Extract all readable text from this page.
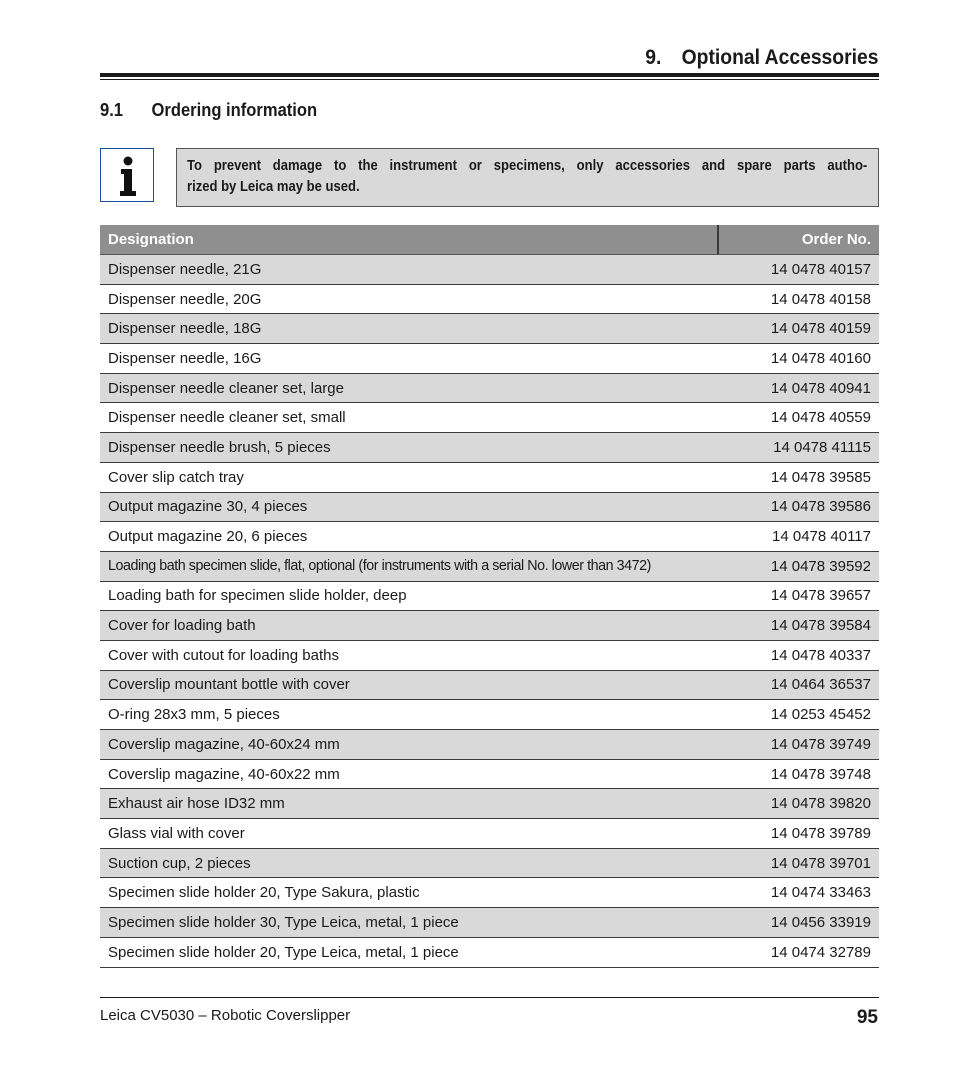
9. Optional Accessories
9.1 Ordering information
To prevent damage to the instrument or specimens, only accessories and spare parts autho-
rized by Leica may be used.
Designation	Order No.
Dispenser needle, 21G	14 0478 40157
Dispenser needle, 20G	14 0478 40158
Dispenser needle, 18G	14 0478 40159
Dispenser needle, 16G	14 0478 40160
Dispenser needle cleaner set, large	14 0478 40941
Dispenser needle cleaner set, small	14 0478 40559
Dispenser needle brush, 5 pieces	14 0478 41115
Cover slip catch tray	14 0478 39585
Output magazine 30, 4 pieces	14 0478 39586
Output magazine 20, 6 pieces	14 0478 40117
Loading bath specimen slide, flat, optional (for instruments with a serial No. lower than 3472)	14 0478 39592
Loading bath for specimen slide holder, deep	14 0478 39657
Cover for loading bath	14 0478 39584
Cover with cutout for loading baths	14 0478 40337
Coverslip mountant bottle with cover	14 0464 36537
O-ring 28x3 mm, 5 pieces	14 0253 45452
Coverslip magazine, 40-60x24 mm	14 0478 39749
Coverslip magazine, 40-60x22 mm	14 0478 39748
Exhaust air hose ID32 mm	14 0478 39820
Glass vial with cover	14 0478 39789
Suction cup, 2 pieces	14 0478 39701
Specimen slide holder 20, Type Sakura, plastic	14 0474 33463
Specimen slide holder 30, Type Leica, metal, 1 piece	14 0456 33919
Specimen slide holder 20, Type Leica, metal, 1 piece	14 0474 32789
Leica CV5030 – Robotic Coverslipper	95
